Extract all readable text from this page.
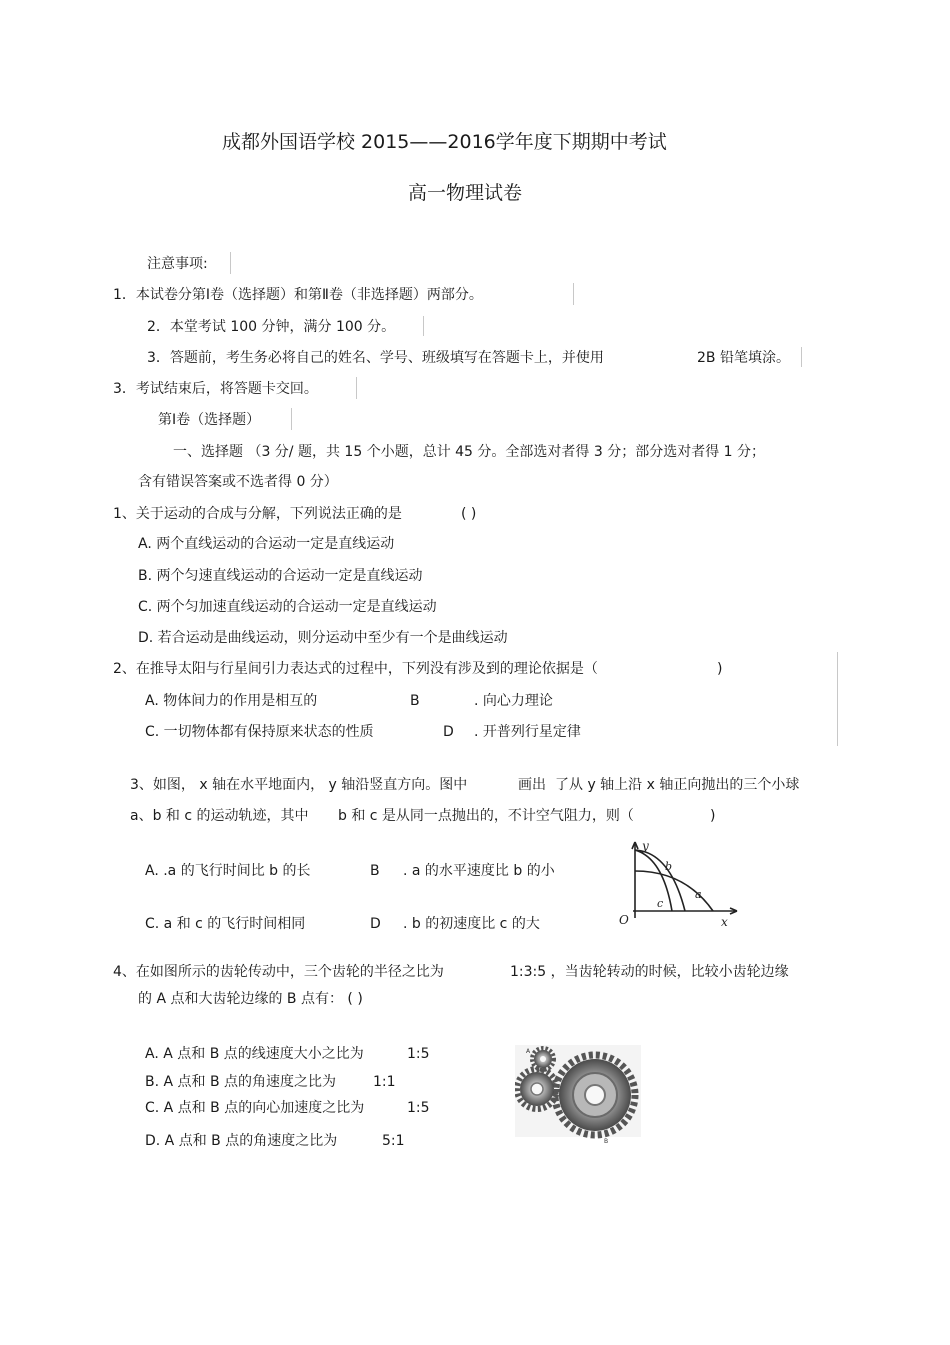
成都外国语学校 2015——2016学年度下期期中考试
高一物理试卷
注意事项:
1．本试卷分第Ⅰ卷（选择题）和第Ⅱ卷（非选择题）两部分。
2．本堂考试 100 分钟，满分 100 分。
3．答题前，考生务必将自己的姓名、学号、班级填写在答题卡上，并使用	2B 铅笔填涂。
3．考试结束后，将答题卡交回。
第Ⅰ卷（选择题）
一、选择题 （3 分/ 题，共 15 个小题，总计 45 分。全部选对者得 3 分；部分选对者得 1 分；
含有错误答案或不选者得 0 分）
1、关于运动的合成与分解，下列说法正确的是	( )
A. 两个直线运动的合运动一定是直线运动
B. 两个匀速直线运动的合运动一定是直线运动
C. 两个匀加速直线运动的合运动一定是直线运动
D. 若合运动是曲线运动，则分运动中至少有一个是曲线运动
2、在推导太阳与行星间引力表达式的过程中，下列没有涉及到的理论依据是（	)
A. 物体间力的作用是相互的	B	. 向心力理论
C. 一切物体都有保持原来状态的性质	D . 开普列行星定律
3、如图， x 轴在水平地面内， y 轴沿竖直方向。图中	画出 了从 y 轴上沿 x 轴正向抛出的三个小球
a、b 和 c 的运动轨迹，其中 b 和 c 是从同一点抛出的，不计空气阻力，则（	)
A. .a 的飞行时间比 b 的长	B . a 的水平速度比 b 的小
C. a 和 c 的飞行时间相同	D . b 的初速度比 c 的大
y
x
O
a
b
c
4、在如图所示的齿轮传动中，三个齿轮的半径之比为	1:3:5 ，当齿轮转动的时候，比较小齿轮边缘
的 A 点和大齿轮边缘的 B 点有： ( )
A. A 点和 B 点的线速度大小之比为	1:5
B. A 点和 B 点的角速度之比为	1:1
C. A 点和 B 点的向心加速度之比为	1:5
D. A 点和 B 点的角速度之比为	5:1
A
B
